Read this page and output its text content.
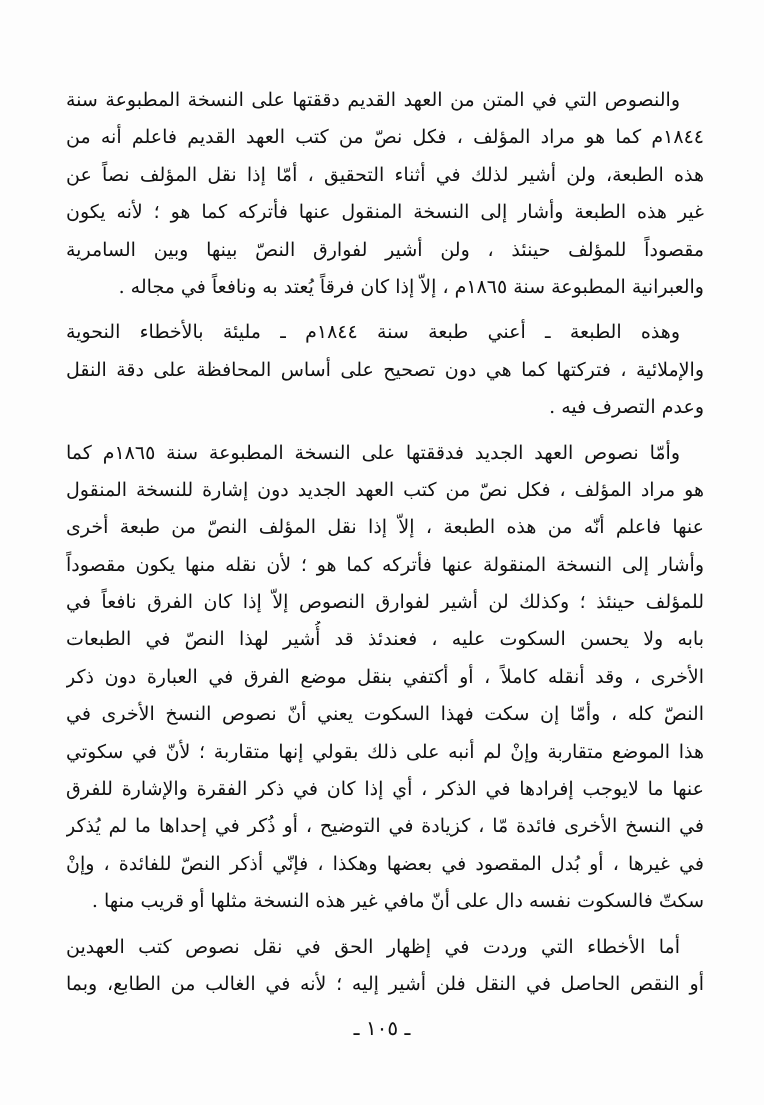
والنصوص التي في المتن من العهد القديم دققتها على النسخة المطبوعة سنة
١٨٤٤م كما هو مراد المؤلف ، فكل نصّ من كتب العهد القديم فاعلم أنه من
هذه الطبعة، ولن أشير لذلك في أثناء التحقيق ، أمّا إذا نقل المؤلف نصاً عن
غير هذه الطبعة وأشار إلى النسخة المنقول عنها فأتركه كما هو ؛ لأنه يكون
مقصوداً للمؤلف حينئذ ، ولن أشير لفوارق النصّ بينها وبين السامرية
والعبرانية المطبوعة سنة ١٨٦٥م ، إلاّ إذا كان فرقاً يُعتد به ونافعاً في مجاله .
وهذه الطبعة ـ أعني طبعة سنة ١٨٤٤م ـ مليئة بالأخطاء النحوية
والإملائية ، فتركتها كما هي دون تصحيح على أساس المحافظة على دقة النقل
وعدم التصرف فيه .
وأمّا نصوص العهد الجديد فدققتها على النسخة المطبوعة سنة ١٨٦٥م كما
هو مراد المؤلف ، فكل نصّ من كتب العهد الجديد دون إشارة للنسخة المنقول
عنها فاعلم أنّه من هذه الطبعة ، إلاّ إذا نقل المؤلف النصّ من طبعة أخرى
وأشار إلى النسخة المنقولة عنها فأتركه كما هو ؛ لأن نقله منها يكون مقصوداً
للمؤلف حينئذ ؛ وكذلك لن أشير لفوارق النصوص إلاّ إذا كان الفرق نافعاً في
بابه ولا يحسن السكوت عليه ، فعندئذ قد أُشير لهذا النصّ في الطبعات
الأخرى ، وقد أنقله كاملاً ، أو أكتفي بنقل موضع الفرق في العبارة دون ذكر
النصّ كله ، وأمّا إن سكت فهذا السكوت يعني أنّ نصوص النسخ الأخرى في
هذا الموضع متقاربة وإنْ لم أنبه على ذلك بقولي إنها متقاربة ؛ لأنّ في سكوتي
عنها ما لايوجب إفرادها في الذكر ، أي إذا كان في ذكر الفقرة والإشارة للفرق
في النسخ الأخرى فائدة مّا ، كزيادة في التوضيح ، أو ذُكر في إحداها ما لم يُذكر
في غيرها ، أو بُدل المقصود في بعضها وهكذا ، فإنّي أذكر النصّ للفائدة ، وإنْ
سكتّ فالسكوت نفسه دال على أنّ مافي غير هذه النسخة مثلها أو قريب منها .
أما الأخطاء التي وردت في إظهار الحق في نقل نصوص كتب العهدين
أو النقص الحاصل في النقل فلن أشير إليه ؛ لأنه في الغالب من الطابع، وبما
ـ ١٠٥ ـ
